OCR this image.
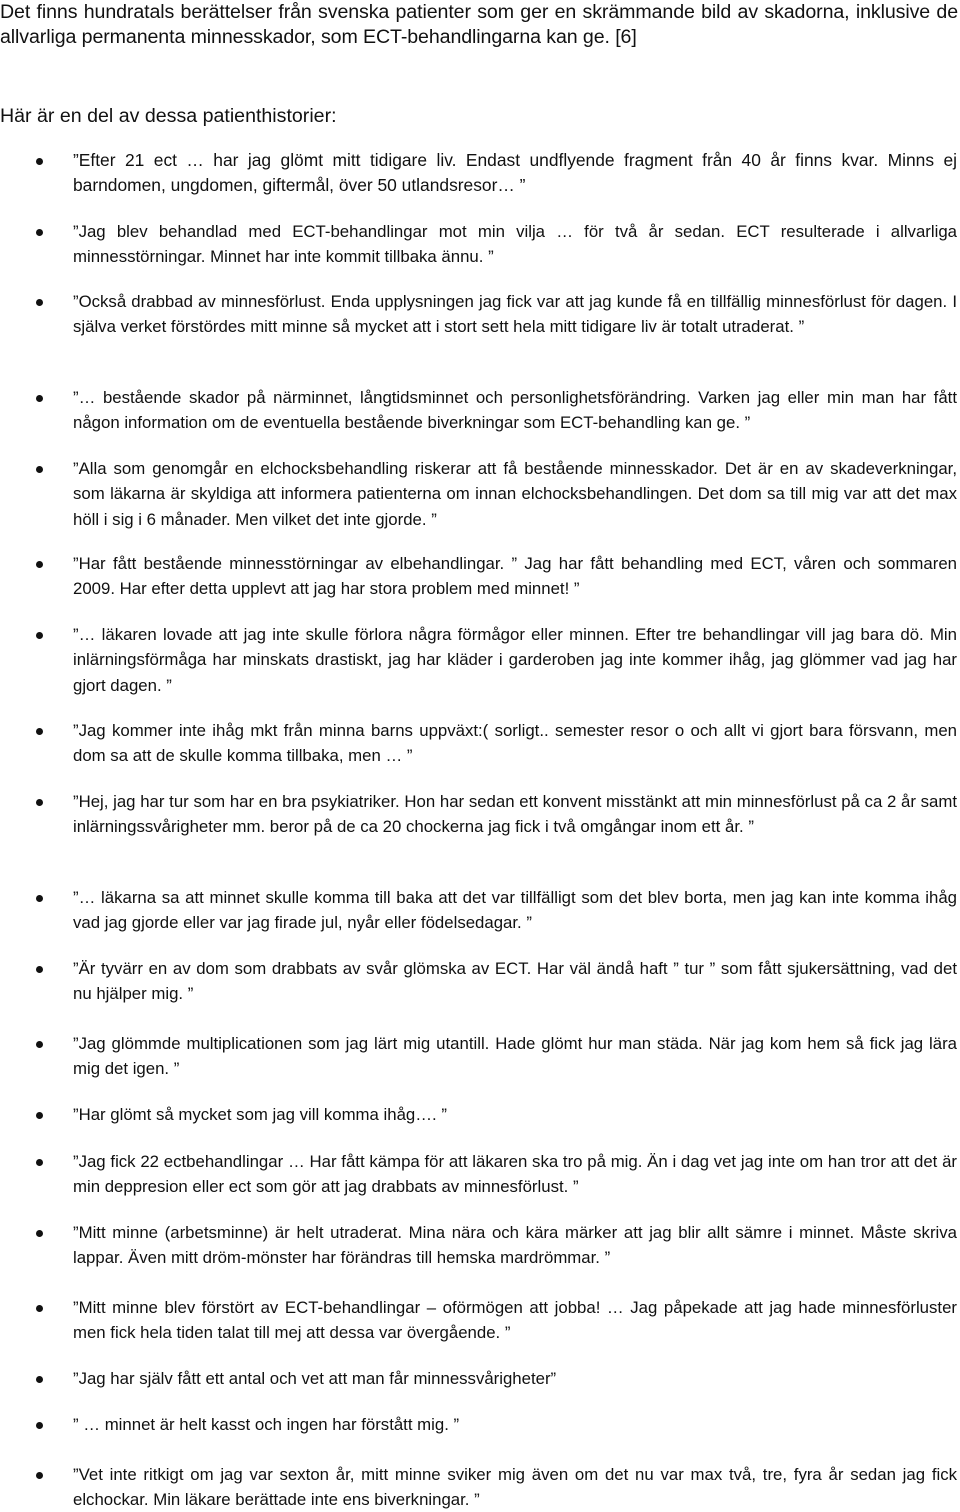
Det finns hundratals berättelser från svenska patienter som ger en skrämmande bild av skadorna, inklusive de allvarliga permanenta minnesskador, som ECT-behandlingarna kan ge. [6]

Här är en del av dessa patienthistorier:

”Efter 21 ect … har jag glömt mitt tidigare liv. Endast undflyende fragment från 40 år finns kvar. Minns ej barndomen, ungdomen, giftermål, över 50 utlandsresor… ”

”Jag blev behandlad med ECT-behandlingar mot min vilja … för två år sedan. ECT resulterade i allvarliga minnesstörningar. Minnet har inte kommit tillbaka ännu. ”

”Också drabbad av minnesförlust. Enda upplysningen jag fick var att jag kunde få en tillfällig minnesförlust för dagen. I själva verket förstördes mitt minne så mycket att i stort sett hela mitt tidigare liv är totalt utraderat. ”

”… bestående skador på närminnet, långtidsminnet och personlighetsförändring. Varken jag eller min man har fått någon information om de eventuella bestående biverkningar som ECT-behandling kan ge. ”

”Alla som genomgår en elchocksbehandling riskerar att få bestående minnesskador. Det är en av skadeverkningar, som läkarna är skyldiga att informera patienterna om innan elchocksbehandlingen. Det dom sa till mig var att det max höll i sig i 6 månader. Men vilket det inte gjorde. ”

”Har fått bestående minnesstörningar av elbehandlingar. ” Jag har fått behandling med ECT, våren och sommaren 2009. Har efter detta upplevt att jag har stora problem med minnet! ”

”… läkaren lovade att jag inte skulle förlora några förmågor eller minnen. Efter tre behandlingar vill jag bara dö. Min inlärningsförmåga har minskats drastiskt, jag har kläder i garderoben jag inte kommer ihåg, jag glömmer vad jag har gjort dagen. ”

”Jag kommer inte ihåg mkt från minna barns uppväxt:( sorligt.. semester resor o och allt vi gjort bara försvann, men dom sa att de skulle komma tillbaka, men … ”

”Hej, jag har tur som har en bra psykiatriker. Hon har sedan ett konvent misstänkt att min minnesförlust på ca 2 år samt inlärningssvårigheter mm. beror på de ca 20 chockerna jag fick i två omgångar inom ett år. ”

”… läkarna sa att minnet skulle komma till baka att det var tillfälligt som det blev borta, men jag kan inte komma ihåg vad jag gjorde eller var jag firade jul, nyår eller födelsedagar. ”

”Är tyvärr en av dom som drabbats av svår glömska av ECT. Har väl ändå haft ” tur ” som fått sjukersättning, vad det nu hjälper mig. ”

”Jag glömmde multiplicationen som jag lärt mig utantill. Hade glömt hur man städa. När jag kom hem så fick jag lära mig det igen. ”

”Har glömt så mycket som jag vill komma ihåg…. ”

”Jag fick 22 ectbehandlingar … Har fått kämpa för att läkaren ska tro på mig. Än i dag vet jag inte om han tror att det är min deppresion eller ect som gör att jag drabbats av minnesförlust. ”

”Mitt minne (arbetsminne) är helt utraderat. Mina nära och kära märker att jag blir allt sämre i minnet. Måste skriva lappar. Även mitt dröm-mönster har förändras till hemska mardrömmar. ”

”Mitt minne blev förstört av ECT-behandlingar – oförmögen att jobba! … Jag påpekade att jag hade minnesförluster men fick hela tiden talat till mej att dessa var övergående. ”

”Jag har själv fått ett antal och vet att man får minnessvårigheter”

” … minnet är helt kasst och ingen har förstått mig. ”

”Vet inte ritkigt om jag var sexton år, mitt minne sviker mig även om det nu var max två, tre, fyra år sedan jag fick elchockar. Min läkare berättade inte ens biverkningar. ”
